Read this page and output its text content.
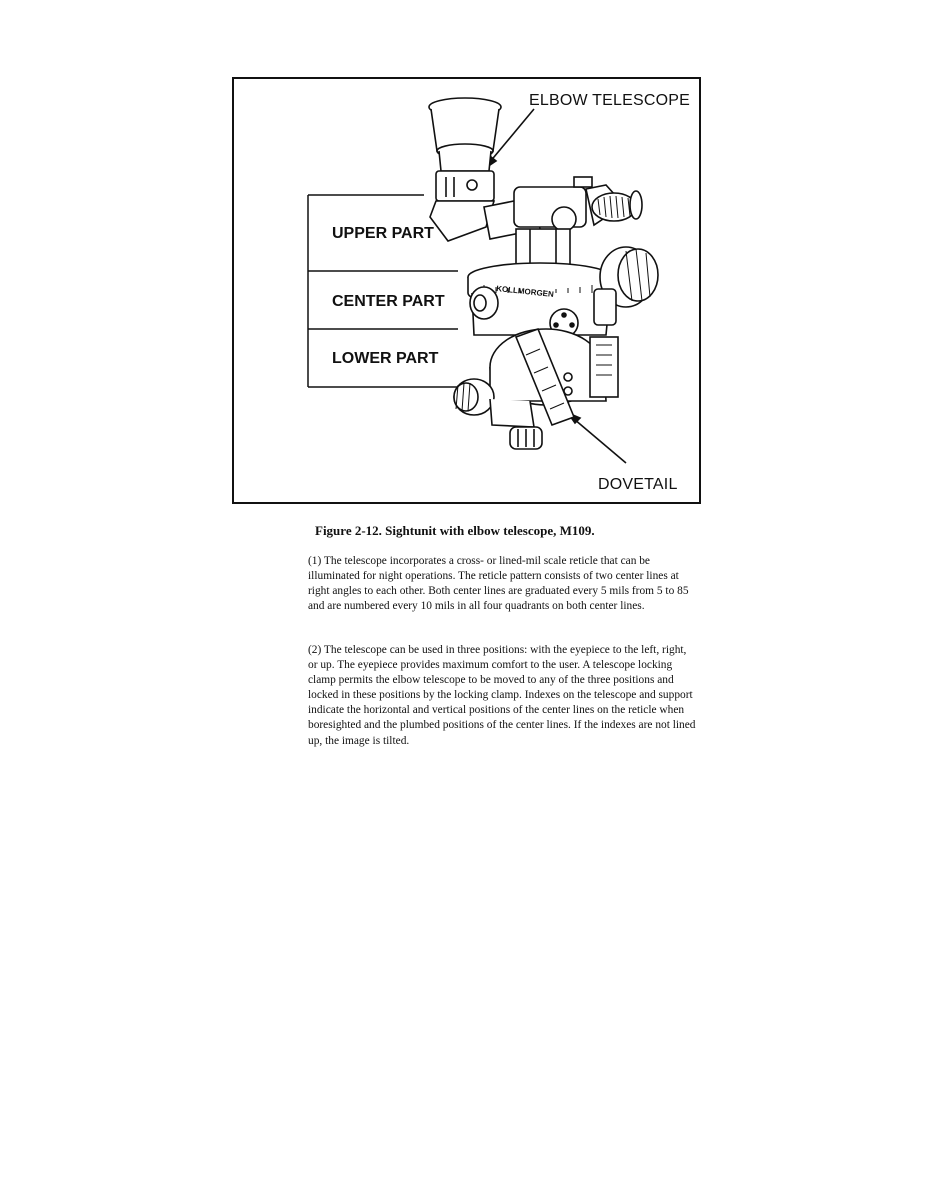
KOLLMORGEN
ELBOW TELESCOPE
DOVETAIL
UPPER PART
CENTER PART
LOWER PART
Figure 2-12. Sightunit with elbow telescope, M109.

(1) The telescope incorporates a cross- or lined-mil scale reticle that can be illuminated for night operations. The reticle pattern consists of two center lines at right angles to each other. Both center lines are graduated every 5 mils from 5 to 85 and are numbered every 10 mils in all four quadrants on both center lines.

(2) The telescope can be used in three positions: with the eyepiece to the left, right, or up. The eyepiece provides maximum comfort to the user. A telescope locking clamp permits the elbow telescope to be moved to any of the three positions and locked in these positions by the locking clamp. Indexes on the telescope and support indicate the horizontal and vertical positions of the center lines on the reticle when boresighted and the plumbed positions of the center lines. If the indexes are not lined up, the image is tilted.
